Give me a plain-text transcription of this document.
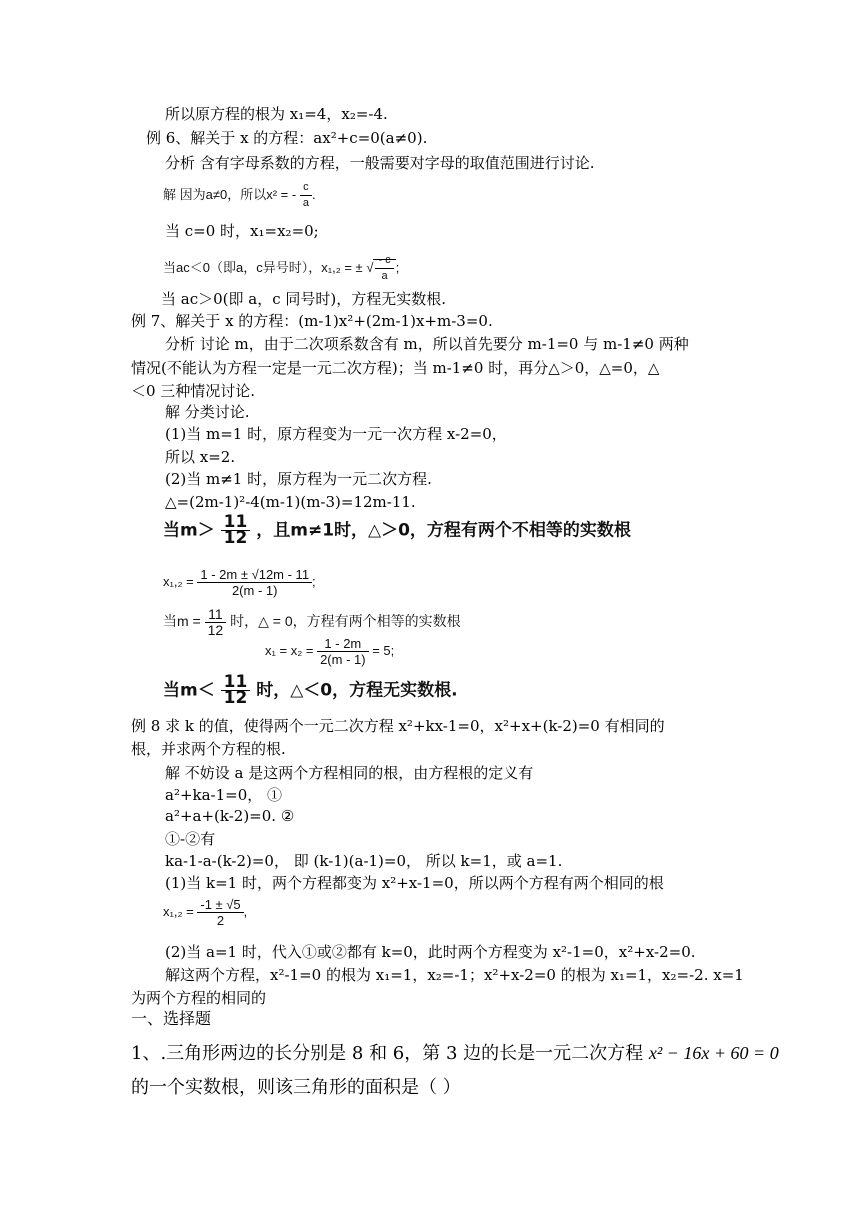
所以原方程的根为 x₁=4，x₂=-4.
例 6、解关于 x 的方程：ax²+c=0(a≠0).
分析 含有字母系数的方程，一般需要对字母的取值范围进行讨论.
解 因为a≠0，所以x² = - $\frac{c}{a}$ .
当 c=0 时，x₁=x₂=0;
当ac＜0（即a，c异号时），x₁,₂ = ± √ $\frac{- c}{a}$ ;
当 ac＞0(即 a，c 同号时)，方程无实数根.
例 7、解关于 x 的方程：(m-1)x²+(2m-1)x+m-3=0.
分析 讨论 m，由于二次项系数含有 m，所以首先要分 m-1=0 与 m-1≠0 两种
情况(不能认为方程一定是一元二次方程)；当 m-1≠0 时，再分△＞0，△=0，△
＜0 三种情况讨论.
解 分类讨论.
(1)当 m=1 时，原方程变为一元一次方程 x-2=0，
所以 x=2.
(2)当 m≠1 时，原方程为一元二次方程.
△=(2m-1)²-4(m-1)(m-3)=12m-11.
当$m> \frac{11}{12}$ ，且m≠1时，△＞0，方程有两个不相等的实数根
$x_1,_2 = \frac{1 - 2m \pm √12m - 11}{2(m - 1)}$ ;
当$m = \frac{11}{12}$ 时，△ = 0，方程有两个相等的实数根
$x_1 = x_2 = \frac{1 - 2m}{2(m - 1)} = 5$;
当$m< \frac{11}{12}$ 时，△＜0，方程无实数根.
例 8 求 k 的值，使得两个一元二次方程 x²+kx-1=0，x²+x+(k-2)=0 有相同的
根，并求两个方程的根.
解 不妨设 a 是这两个方程相同的根，由方程根的定义有
a²+ka-1=0， ①
a²+a+(k-2)=0. ②
①-②有
ka-1-a-(k-2)=0， 即 (k-1)(a-1)=0， 所以 k=1，或 a=1.
(1)当 k=1 时，两个方程都变为 x²+x-1=0，所以两个方程有两个相同的根
$x_1,_2 = \frac{-1 \pm √5}{2}$ ,
(2)当 a=1 时，代入①或②都有 k=0，此时两个方程变为 x²-1=0，x²+x-2=0.
解这两个方程，x²-1=0 的根为 x₁=1，x₂=-1；x²+x-2=0 的根为 x₁=1，x₂=-2. x=1
为两个方程的相同的
一、选择题
1、.三角形两边的长分别是 8 和 6，第 3 边的长是一元二次方程 x² − 16x + 60 = 0
的一个实数根，则该三角形的面积是（ ）
